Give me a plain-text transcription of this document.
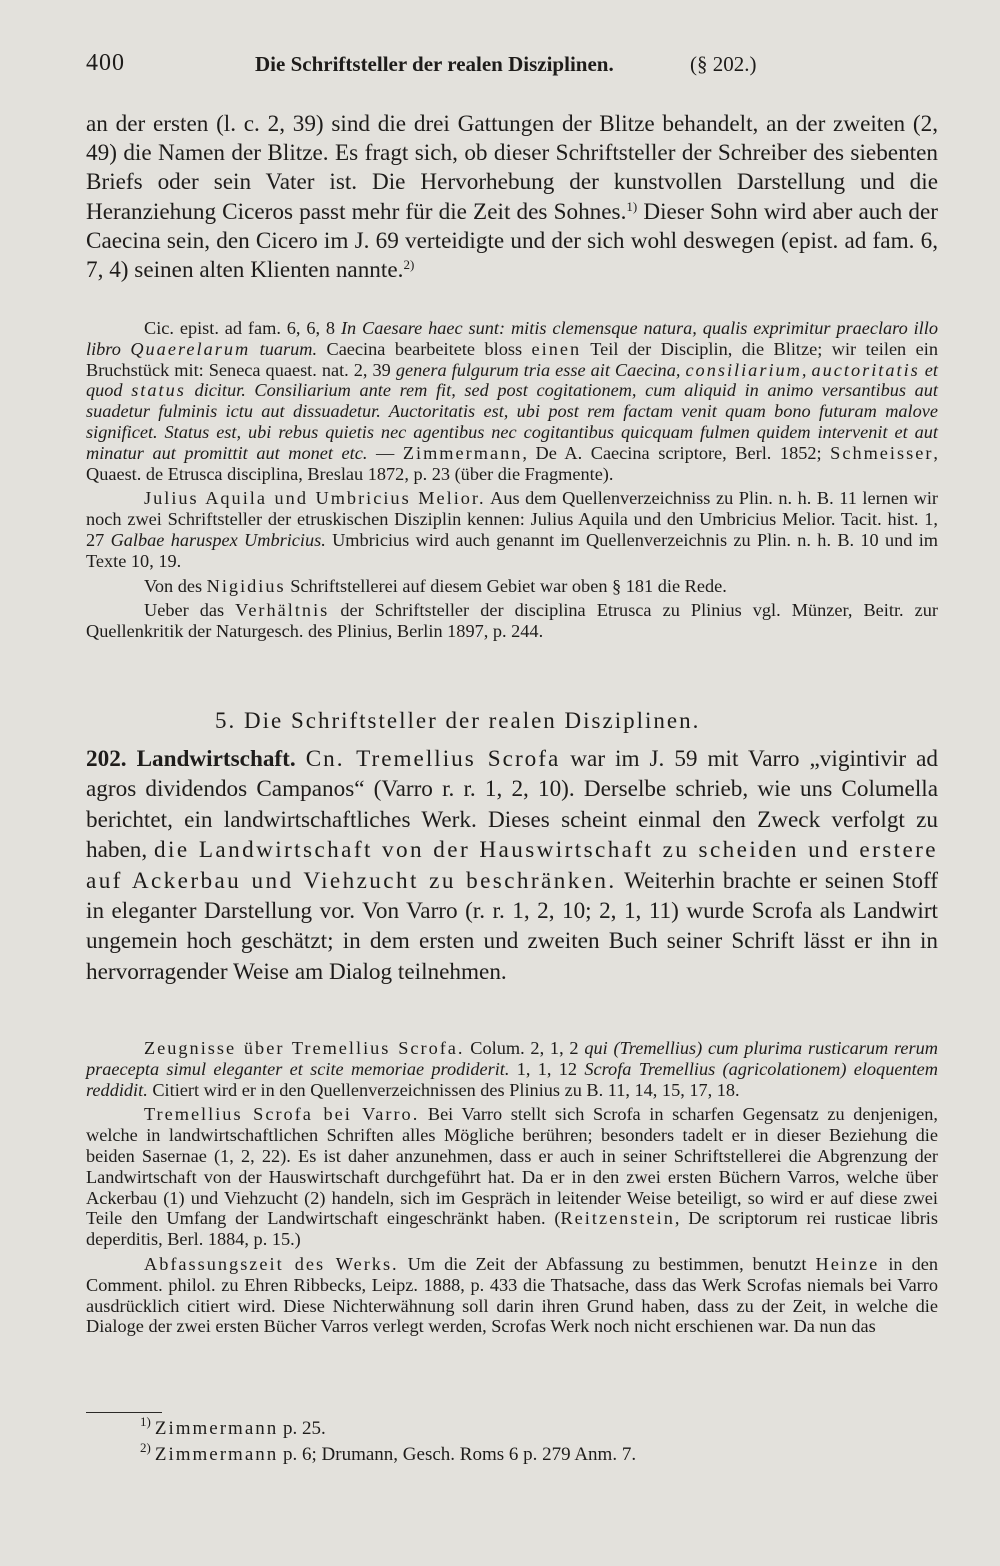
400	Die Schriftsteller der realen Disziplinen.	(§ 202.)

an der ersten (l. c. 2, 39) sind die drei Gattungen der Blitze behandelt, an der zweiten (2, 49) die Namen der Blitze. Es fragt sich, ob dieser Schriftsteller der Schreiber des siebenten Briefs oder sein Vater ist. Die Hervorhebung der kunstvollen Darstellung und die Heranziehung Ciceros passt mehr für die Zeit des Sohnes.$^{1)}$ Dieser Sohn wird aber auch der Caecina sein, den Cicero im J. 69 verteidigte und der sich wohl deswegen (epist. ad fam. 6, 7, 4) seinen alten Klienten nannte.$^{2)}$

Cic. epist. ad fam. 6, 6, 8 In Caesare haec sunt: mitis clemensque natura, qualis exprimitur praeclaro illo libro Quaerelarum tuarum. Caecina bearbeitete bloss einen Teil der Disciplin, die Blitze; wir teilen ein Bruchstück mit: Seneca quaest. nat. 2, 39 genera fulgurum tria esse ait Caecina, consiliarium, auctoritatis et quod status dicitur. Consiliarium ante rem fit, sed post cogitationem, cum aliquid in animo versantibus aut suadetur fulminis ictu aut dissuadetur. Auctoritatis est, ubi post rem factam venit quam bono futuram malove significet. Status est, ubi rebus quietis nec agentibus nec cogitantibus quicquam fulmen quidem intervenit et aut minatur aut promittit aut monet etc. — Zimmermann, De A. Caecina scriptore, Berl. 1852; Schmeisser, Quaest. de Etrusca disciplina, Breslau 1872, p. 23 (über die Fragmente).

Julius Aquila und Umbricius Melior. Aus dem Quellenverzeichniss zu Plin. n. h. B. 11 lernen wir noch zwei Schriftsteller der etruskischen Disziplin kennen: Julius Aquila und den Umbricius Melior. Tacit. hist. 1, 27 Galbae haruspex Umbricius. Umbricius wird auch genannt im Quellenverzeichnis zu Plin. n. h. B. 10 und im Texte 10, 19.

Von des Nigidius Schriftstellerei auf diesem Gebiet war oben § 181 die Rede.

Ueber das Verhältnis der Schriftsteller der disciplina Etrusca zu Plinius vgl. Münzer, Beitr. zur Quellenkritik der Naturgesch. des Plinius, Berlin 1897, p. 244.

5. Die Schriftsteller der realen Disziplinen.

202. Landwirtschaft. Cn. Tremellius Scrofa war im J. 59 mit Varro „vigintivir ad agros dividendos Campanos“ (Varro r. r. 1, 2, 10). Derselbe schrieb, wie uns Columella berichtet, ein landwirtschaftliches Werk. Dieses scheint einmal den Zweck verfolgt zu haben, die Landwirtschaft von der Hauswirtschaft zu scheiden und erstere auf Ackerbau und Viehzucht zu beschränken. Weiterhin brachte er seinen Stoff in eleganter Darstellung vor. Von Varro (r. r. 1, 2, 10; 2, 1, 11) wurde Scrofa als Landwirt ungemein hoch geschätzt; in dem ersten und zweiten Buch seiner Schrift lässt er ihn in hervorragender Weise am Dialog teilnehmen.

Zeugnisse über Tremellius Scrofa. Colum. 2, 1, 2 qui (Tremellius) cum plurima rusticarum rerum praecepta simul eleganter et scite memoriae prodiderit. 1, 1, 12 Scrofa Tremellius (agricolationem) eloquentem reddidit. Citiert wird er in den Quellenverzeichnissen des Plinius zu B. 11, 14, 15, 17, 18.

Tremellius Scrofa bei Varro. Bei Varro stellt sich Scrofa in scharfen Gegensatz zu denjenigen, welche in landwirtschaftlichen Schriften alles Mögliche berühren; besonders tadelt er in dieser Beziehung die beiden Sasernae (1, 2, 22). Es ist daher anzunehmen, dass er auch in seiner Schriftstellerei die Abgrenzung der Landwirtschaft von der Hauswirtschaft durchgeführt hat. Da er in den zwei ersten Büchern Varros, welche über Ackerbau (1) und Viehzucht (2) handeln, sich im Gespräch in leitender Weise beteiligt, so wird er auf diese zwei Teile den Umfang der Landwirtschaft eingeschränkt haben. (Reitzenstein, De scriptorum rei rusticae libris deperditis, Berl. 1884, p. 15.)

Abfassungszeit des Werks. Um die Zeit der Abfassung zu bestimmen, benutzt Heinze in den Comment. philol. zu Ehren Ribbecks, Leipz. 1888, p. 433 die Thatsache, dass das Werk Scrofas niemals bei Varro ausdrücklich citiert wird. Diese Nichterwähnung soll darin ihren Grund haben, dass zu der Zeit, in welche die Dialoge der zwei ersten Bücher Varros verlegt werden, Scrofas Werk noch nicht erschienen war. Da nun das

$^{1)}$ Zimmermann p. 25.
$^{2)}$ Zimmermann p. 6; Drumann, Gesch. Roms 6 p. 279 Anm. 7.
